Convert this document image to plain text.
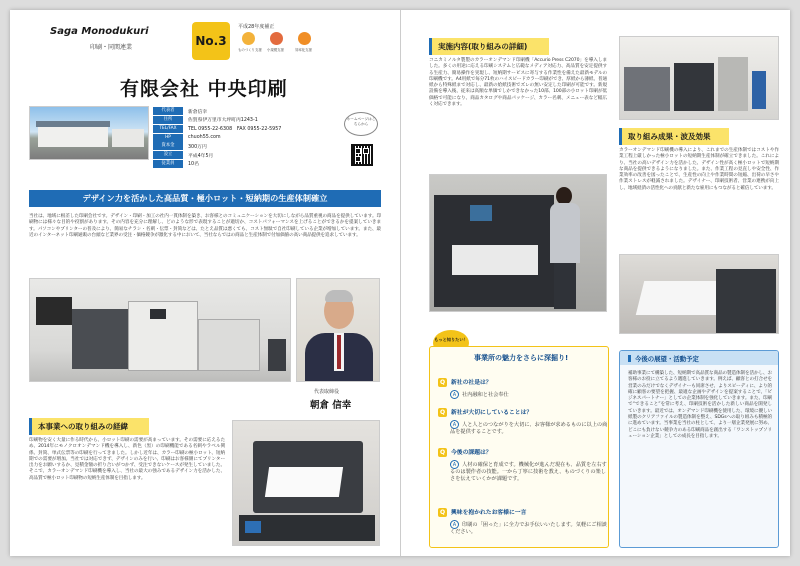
Saga Monodukuri
印刷・同関連業	No.3
平成28年度補正
ものづくり支援 小規模支援	効率化支援
有限会社 中央印刷
代表者	新倉信幸
住所	佐賀県伊万里市大坪町丙1243-1
TEL/FAX	TEL 0955-22-6308　FAX 0955-22-5957
HP	chuoh55.com
資本金	300万円
設立	平成4年5月
従業員	10名
ホームページはこちらから
デザイン力を活かした高品質・極小ロット・短納期の生産体制確立
当社は、地域に根差した印刷会社です。デザイン・印刷・加工の社内一貫体制を築き、お客様とのコミュニケーションを大切にしながら品質重視の商品を提供しています。印刷物には様々な目的や役割があります。その内容を充分に理解し、どのような形で表現することが適切か、コストパフォーマンスを上げることができるかを提案していきます。パソコンやプリンターの普及により、簡易なチラシ・名刺・伝票・封筒などは、たとえ品質は悪くても、コスト無駄で自社印刷している企業が増加しています。また、最近のインターネット印刷通販の台頭など業界の受注・価格競争が激化する中において、当社ならではの商品と生産体制で付加価値の高い商品提供を追求しています。
代表取締役
朝倉 信幸
本事業への取り組みの経緯
印刷物を安く大量に作る時代から、小ロット印刷の需要が高まっています。その需要に応えるため、2014年にモノクロオンデマンド機を導入し、新色（黒）の印刷機能である名刺やラベル関係、封筒、単式伝票等の印刷を行ってきました。しかし近年は、カラー印刷の極小ロット、短納期での需要が増加。当社では対応できず、デザインのみを行い、印刷はお客様側にてプリンター出力をお願いするか、見積金額の折り合いがつかず、受注できないケースが発生していました。そこで、カラーオンデマンド印刷機を導入し、当社の最大の強みであるデザイン力を活かした、高品質で極小ロット印刷物の短納生産体制を目指します。
実施内容(取り組みの詳細)
コニカミノルタ製製のカラーオンデマンド印刷機「Accurio Press C2070」を導入しました。多くの用途に応える印刷システムと広範なメディア対応力、高品質を安定提供する生産力、簡易操作を実現し、短納期サービスに寄与する作業性を備えた最新モデルの印刷機です。A4用紙で毎分71枚のハイスピードカラー印刷ができ、厚紙から薄紙、普通紙から特殊紙まで対応し、最新の給紙技術でズレの無い安定した印刷が可能です。新規設備を導入後、従来は高額な単価でしかできなかった10部、100部の小ロット印刷が低価格で可能になり、商品カタログや商品パッケージ、カラー名刺、メニュー表など幅広く対応できます。
取り組み成果・波及効果
カラーオンデマンド印刷機の導入により、これまでの生産体制ではコストや作業工程上厳しかった極小ロットの短納期生産体制が確立できました。これにより、当社の高いデザイン力を活かした、デザイン性が高く極小ロットで短納期な商品を提供できるようになりました。また、作業工程の見直しや安全性、作業効率の改善を図ったことで、生産性の向上や作業時間の短縮、出荷の早さや作業ストレスが軽減されました。デザイナー、印刷技術者、営業の連携が向上し、地域経済の活性化への貢献と新たな雇用にもつながると確信しています。
もっと知りたい！
事業所の魅力をさらに深掘り!
Q 新社の社是は？
A 社内融和と社会奉仕
Q 新社が大切にしていることは？
A 人と人とのつながりを大切に、お客様が求めるものに以上の商品を提供することです。
Q 今後の課題は？
A 人材の確保と育成です。機械化が進んだ現在も、品質を左右するのは製作者の技能。一から丁寧に技術を教え、ものづくりの楽しさを伝えていくかが課題です。
Q 興味を抱かれたお客様に一言
A 印刷の「困った」に全力でお手伝いいたします。気軽にご相談ください。
今後の展望・活動予定
補助事業にて構築した、短納期で高品質な商品の製造体制を活かし、お客様のお役に立てるよう邁進していきます。例えば、顧客との打合せを営業のみだけでなくデザイナーも同席させ、よりスピーディに、より的確に顧客の要望を把握、最適な企画やデザインを提案することで、「ビジネスパートナー」としての企業体制を強化していきます。また、印刷で“できること”を常に考え、印刷技術を活かした新しい商品を開発していきます。最近では、オンデマンド印刷機を使用した、環境に優しい紙製のクリアファイルの製造体制を整え、SDGsへの取り組みも積極的に進めています。当事業を当社の柱として、より一層企業発展に努め、どこにも負けない競争力のある印刷商品を創出する「ワンストップソリューション企業」としての成長を目指します。
